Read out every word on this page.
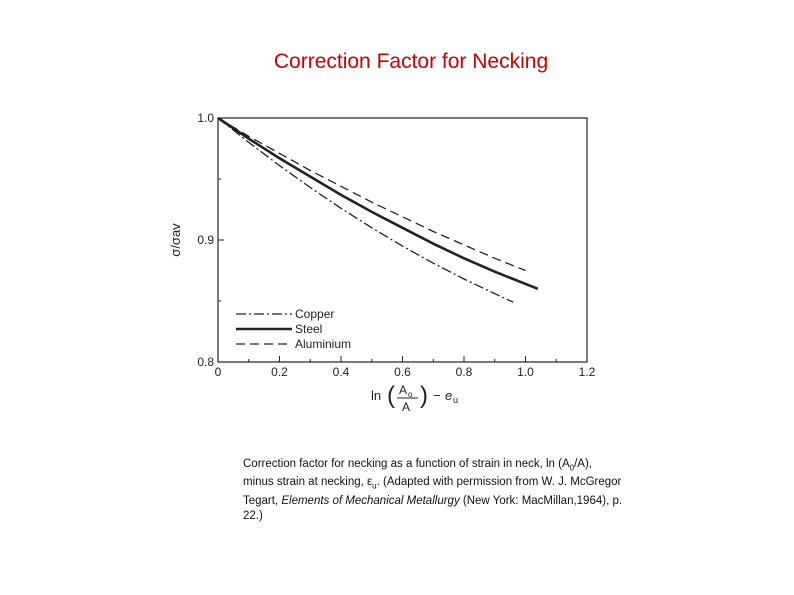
Correction Factor for Necking
0	0.2	0.4	0.6	0.8	1.0	1.2
0.8
0.9
1.0
σ/σav
ln ( A o
A ) − e u
Copper
Steel
Aluminium
Correction factor for necking as a function of strain in neck, $\ln (A_0/A)$, minus strain at necking, $\varepsilon_u$. (Adapted with permission from W. J. McGregor Tegart, Elements of Mechanical Metallurgy (New York: MacMillan,1964), p. 22.)
